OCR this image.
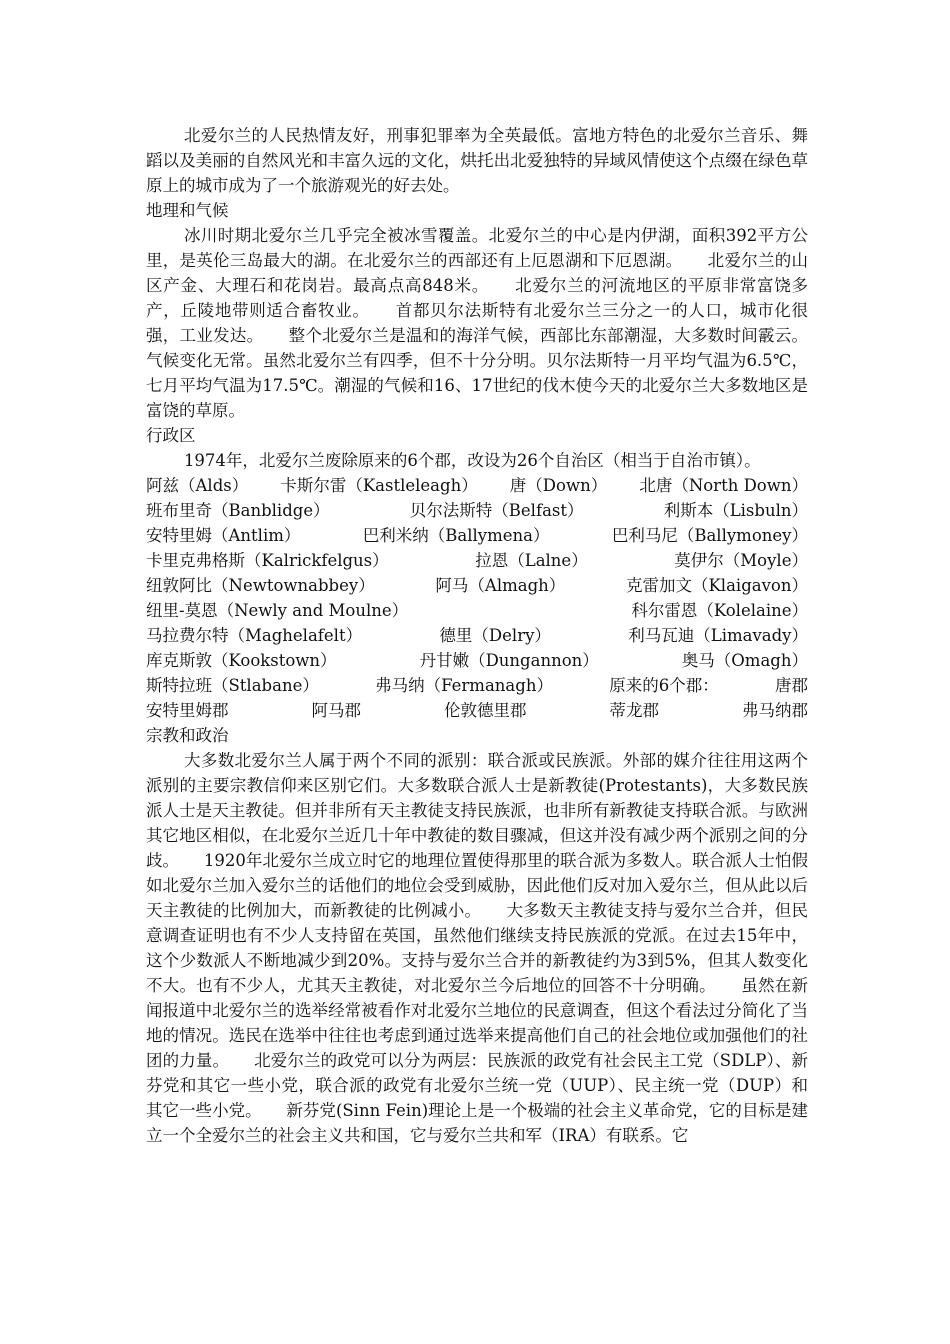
北爱尔兰的人民热情友好，刑事犯罪率为全英最低。富地方特色的北爱尔兰音乐、舞蹈以及美丽的自然风光和丰富久远的文化，烘托出北爱独特的异域风情使这个点缀在绿色草原上的城市成为了一个旅游观光的好去处。

地理和气候

冰川时期北爱尔兰几乎完全被冰雪覆盖。北爱尔兰的中心是内伊湖，面积392平方公里，是英伦三岛最大的湖。在北爱尔兰的西部还有上厄恩湖和下厄恩湖。　　北爱尔兰的山区产金、大理石和花岗岩。最高点高848米。　　北爱尔兰的河流地区的平原非常富饶多产，丘陵地带则适合畜牧业。　　首都贝尔法斯特有北爱尔兰三分之一的人口，城市化很强，工业发达。　　整个北爱尔兰是温和的海洋气候，西部比东部潮湿，大多数时间霰云。气候变化无常。虽然北爱尔兰有四季，但不十分分明。贝尔法斯特一月平均气温为6.5℃，七月平均气温为17.5℃。潮湿的气候和16、17世纪的伐木使今天的北爱尔兰大多数地区是富饶的草原。

行政区
1974年，北爱尔兰废除原来的6个郡，改设为26个自治区（相当于自治市镇）。
阿兹（Alds） 卡斯尔雷（Kastleleagh） 唐（Down） 北唐（North Down）
班布里奇（Banblidge）	贝尔法斯特（Belfast）	利斯本（Lisbuln）
安特里姆（Antlim）	巴利米纳（Ballymena）	巴利马尼（Ballymoney）
卡里克弗格斯（Kalrickfelgus）	拉恩（Lalne）	莫伊尔（Moyle）
纽敦阿比（Newtownabbey）	阿马（Almagh）	克雷加文（Klaigavon）
纽里-莫恩（Newly and Moulne）	科尔雷恩（Kolelaine）
马拉费尔特（Maghelafelt）	德里（Delry）	利马瓦迪（Limavady）
库克斯敦（Kookstown）	丹甘嫩（Dungannon）	奥马（Omagh）
斯特拉班（Stlabane）	弗马纳（Fermanagh）	原来的6个郡：	唐郡
安特里姆郡	阿马郡	伦敦德里郡	蒂龙郡	弗马纳郡
宗教和政治

大多数北爱尔兰人属于两个不同的派别：联合派或民族派。外部的媒介往往用这两个派别的主要宗教信仰来区别它们。大多数联合派人士是新教徒(Protestants)，大多数民族派人士是天主教徒。但并非所有天主教徒支持民族派，也非所有新教徒支持联合派。与欧洲其它地区相似，在北爱尔兰近几十年中教徒的数目骤减，但这并没有减少两个派别之间的分歧。　　1920年北爱尔兰成立时它的地理位置使得那里的联合派为多数人。联合派人士怕假如北爱尔兰加入爱尔兰的话他们的地位会受到威胁，因此他们反对加入爱尔兰，但从此以后天主教徒的比例加大，而新教徒的比例减小。　　大多数天主教徒支持与爱尔兰合并，但民意调查证明也有不少人支持留在英国，虽然他们继续支持民族派的党派。在过去15年中，这个少数派人不断地减少到20%。支持与爱尔兰合并的新教徒约为3到5%，但其人数变化不大。也有不少人，尤其天主教徒，对北爱尔兰今后地位的回答不十分明确。　　虽然在新闻报道中北爱尔兰的选举经常被看作对北爱尔兰地位的民意调查，但这个看法过分简化了当地的情况。选民在选举中往往也考虑到通过选举来提高他们自己的社会地位或加强他们的社团的力量。　　北爱尔兰的政党可以分为两层：民族派的政党有社会民主工党（SDLP）、新芬党和其它一些小党，联合派的政党有北爱尔兰统一党（UUP）、民主统一党（DUP）和其它一些小党。　　新芬党(Sinn Fein)理论上是一个极端的社会主义革命党，它的目标是建立一个全爱尔兰的社会主义共和国，它与爱尔兰共和军（IRA）有联系。它
